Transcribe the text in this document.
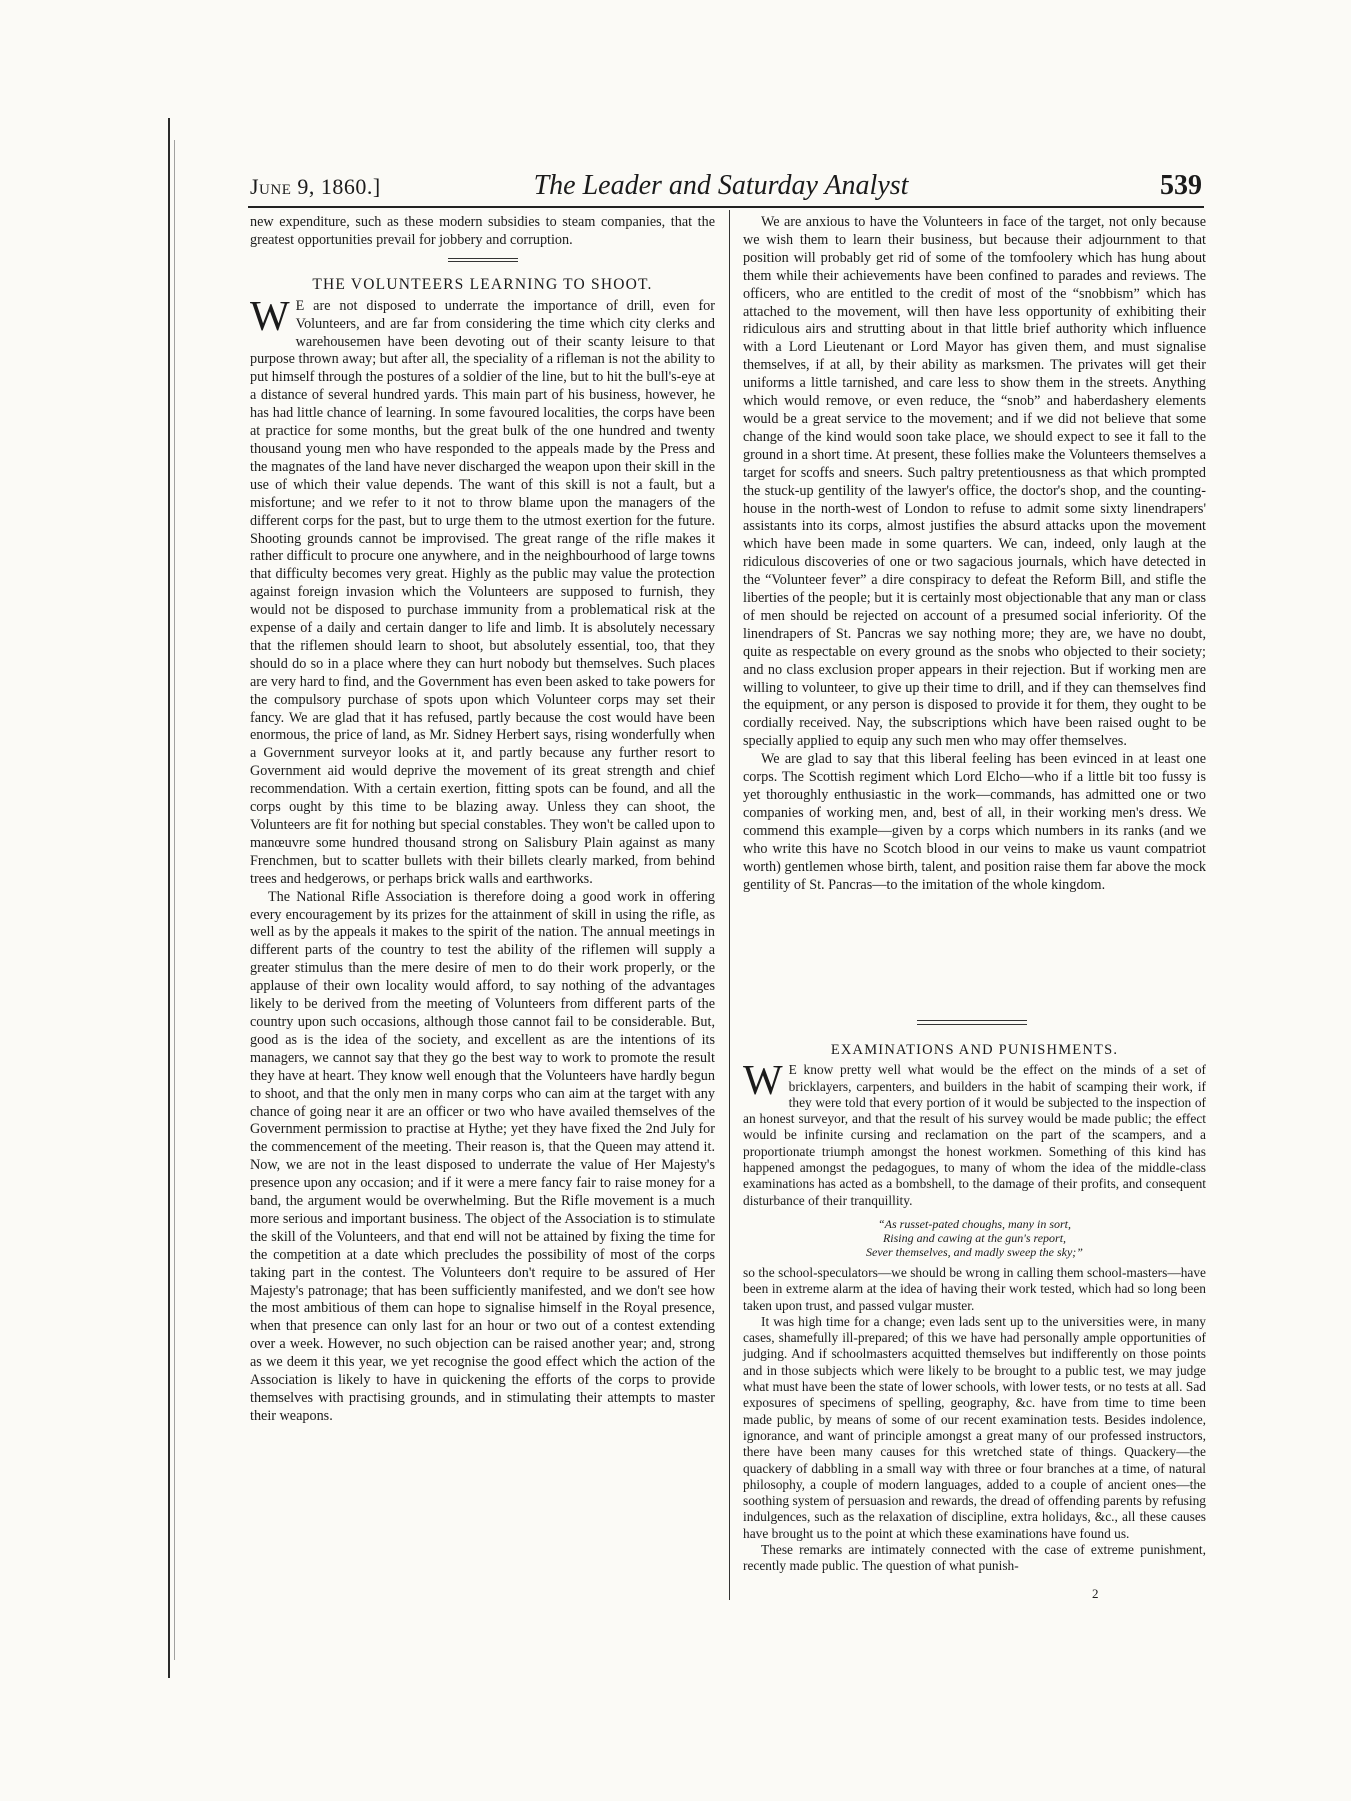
June 9, 1860.]	The Leader and Saturday Analyst	539

new expenditure, such as these modern subsidies to steam companies, that the greatest opportunities prevail for jobbery and corruption.

THE VOLUNTEERS LEARNING TO SHOOT.

W E are not disposed to underrate the importance of drill, even for Volunteers, and are far from considering the time which city clerks and warehousemen have been devoting out of their scanty leisure to that purpose thrown away; but after all, the speciality of a rifleman is not the ability to put himself through the postures of a soldier of the line, but to hit the bull's-eye at a distance of several hundred yards. This main part of his business, however, he has had little chance of learning. In some favoured localities, the corps have been at practice for some months, but the great bulk of the one hundred and twenty thousand young men who have responded to the appeals made by the Press and the magnates of the land have never discharged the weapon upon their skill in the use of which their value depends. The want of this skill is not a fault, but a misfortune; and we refer to it not to throw blame upon the managers of the different corps for the past, but to urge them to the utmost exertion for the future. Shooting grounds cannot be improvised. The great range of the rifle makes it rather difficult to procure one anywhere, and in the neighbourhood of large towns that difficulty becomes very great. Highly as the public may value the protection against foreign invasion which the Volunteers are supposed to furnish, they would not be disposed to purchase immunity from a problematical risk at the expense of a daily and certain danger to life and limb. It is absolutely necessary that the riflemen should learn to shoot, but absolutely essential, too, that they should do so in a place where they can hurt nobody but themselves. Such places are very hard to find, and the Government has even been asked to take powers for the compulsory purchase of spots upon which Volunteer corps may set their fancy. We are glad that it has refused, partly because the cost would have been enormous, the price of land, as Mr. Sidney Herbert says, rising wonderfully when a Government surveyor looks at it, and partly because any further resort to Government aid would deprive the movement of its great strength and chief recommendation. With a certain exertion, fitting spots can be found, and all the corps ought by this time to be blazing away. Unless they can shoot, the Volunteers are fit for nothing but special constables. They won't be called upon to manœuvre some hundred thousand strong on Salisbury Plain against as many Frenchmen, but to scatter bullets with their billets clearly marked, from behind trees and hedgerows, or perhaps brick walls and earthworks.

The National Rifle Association is therefore doing a good work in offering every encouragement by its prizes for the attainment of skill in using the rifle, as well as by the appeals it makes to the spirit of the nation. The annual meetings in different parts of the country to test the ability of the riflemen will supply a greater stimulus than the mere desire of men to do their work properly, or the applause of their own locality would afford, to say nothing of the advantages likely to be derived from the meeting of Volunteers from different parts of the country upon such occasions, although those cannot fail to be considerable. But, good as is the idea of the society, and excellent as are the intentions of its managers, we cannot say that they go the best way to work to promote the result they have at heart. They know well enough that the Volunteers have hardly begun to shoot, and that the only men in many corps who can aim at the target with any chance of going near it are an officer or two who have availed themselves of the Government permission to practise at Hythe; yet they have fixed the 2nd July for the commencement of the meeting. Their reason is, that the Queen may attend it. Now, we are not in the least disposed to underrate the value of Her Majesty's presence upon any occasion; and if it were a mere fancy fair to raise money for a band, the argument would be overwhelming. But the Rifle movement is a much more serious and important business. The object of the Association is to stimulate the skill of the Volunteers, and that end will not be attained by fixing the time for the competition at a date which precludes the possibility of most of the corps taking part in the contest. The Volunteers don't require to be assured of Her Majesty's patronage; that has been sufficiently manifested, and we don't see how the most ambitious of them can hope to signalise himself in the Royal presence, when that presence can only last for an hour or two out of a contest extending over a week. However, no such objection can be raised another year; and, strong as we deem it this year, we yet recognise the good effect which the action of the Association is likely to have in quickening the efforts of the corps to provide themselves with practising grounds, and in stimulating their attempts to master their weapons.

We are anxious to have the Volunteers in face of the target, not only because we wish them to learn their business, but because their adjournment to that position will probably get rid of some of the tomfoolery which has hung about them while their achievements have been confined to parades and reviews. The officers, who are entitled to the credit of most of the “snobbism” which has attached to the movement, will then have less opportunity of exhibiting their ridiculous airs and strutting about in that little brief authority which influence with a Lord Lieutenant or Lord Mayor has given them, and must signalise themselves, if at all, by their ability as marksmen. The privates will get their uniforms a little tarnished, and care less to show them in the streets. Anything which would remove, or even reduce, the “snob” and haberdashery elements would be a great service to the movement; and if we did not believe that some change of the kind would soon take place, we should expect to see it fall to the ground in a short time. At present, these follies make the Volunteers themselves a target for scoffs and sneers. Such paltry pretentiousness as that which prompted the stuck-up gentility of the lawyer's office, the doctor's shop, and the counting-house in the north-west of London to refuse to admit some sixty linendrapers' assistants into its corps, almost justifies the absurd attacks upon the movement which have been made in some quarters. We can, indeed, only laugh at the ridiculous discoveries of one or two sagacious journals, which have detected in the “Volunteer fever” a dire conspiracy to defeat the Reform Bill, and stifle the liberties of the people; but it is certainly most objectionable that any man or class of men should be rejected on account of a presumed social inferiority. Of the linendrapers of St. Pancras we say nothing more; they are, we have no doubt, quite as respectable on every ground as the snobs who objected to their society; and no class exclusion proper appears in their rejection. But if working men are willing to volunteer, to give up their time to drill, and if they can themselves find the equipment, or any person is disposed to provide it for them, they ought to be cordially received. Nay, the subscriptions which have been raised ought to be specially applied to equip any such men who may offer themselves.

We are glad to say that this liberal feeling has been evinced in at least one corps. The Scottish regiment which Lord Elcho—who if a little bit too fussy is yet thoroughly enthusiastic in the work—commands, has admitted one or two companies of working men, and, best of all, in their working men's dress. We commend this example—given by a corps which numbers in its ranks (and we who write this have no Scotch blood in our veins to make us vaunt compatriot worth) gentlemen whose birth, talent, and position raise them far above the mock gentility of St. Pancras—to the imitation of the whole kingdom.

EXAMINATIONS AND PUNISHMENTS.

W E know pretty well what would be the effect on the minds of a set of bricklayers, carpenters, and builders in the habit of scamping their work, if they were told that every portion of it would be subjected to the inspection of an honest surveyor, and that the result of his survey would be made public; the effect would be infinite cursing and reclamation on the part of the scampers, and a proportionate triumph amongst the honest workmen. Something of this kind has happened amongst the pedagogues, to many of whom the idea of the middle-class examinations has acted as a bombshell, to the damage of their profits, and consequent disturbance of their tranquillity.

“As russet-pated choughs, many in sort,
Rising and cawing at the gun's report,
Sever themselves, and madly sweep the sky;”

so the school-speculators—we should be wrong in calling them school-masters—have been in extreme alarm at the idea of having their work tested, which had so long been taken upon trust, and passed vulgar muster.

It was high time for a change; even lads sent up to the universities were, in many cases, shamefully ill-prepared; of this we have had personally ample opportunities of judging. And if schoolmasters acquitted themselves but indifferently on those points and in those subjects which were likely to be brought to a public test, we may judge what must have been the state of lower schools, with lower tests, or no tests at all. Sad exposures of specimens of spelling, geography, &c. have from time to time been made public, by means of some of our recent examination tests. Besides indolence, ignorance, and want of principle amongst a great many of our professed instructors, there have been many causes for this wretched state of things. Quackery—the quackery of dabbling in a small way with three or four branches at a time, of natural philosophy, a couple of modern languages, added to a couple of ancient ones—the soothing system of persuasion and rewards, the dread of offending parents by refusing indulgences, such as the relaxation of discipline, extra holidays, &c., all these causes have brought us to the point at which these examinations have found us.

These remarks are intimately connected with the case of extreme punishment, recently made public. The question of what punish-

2
